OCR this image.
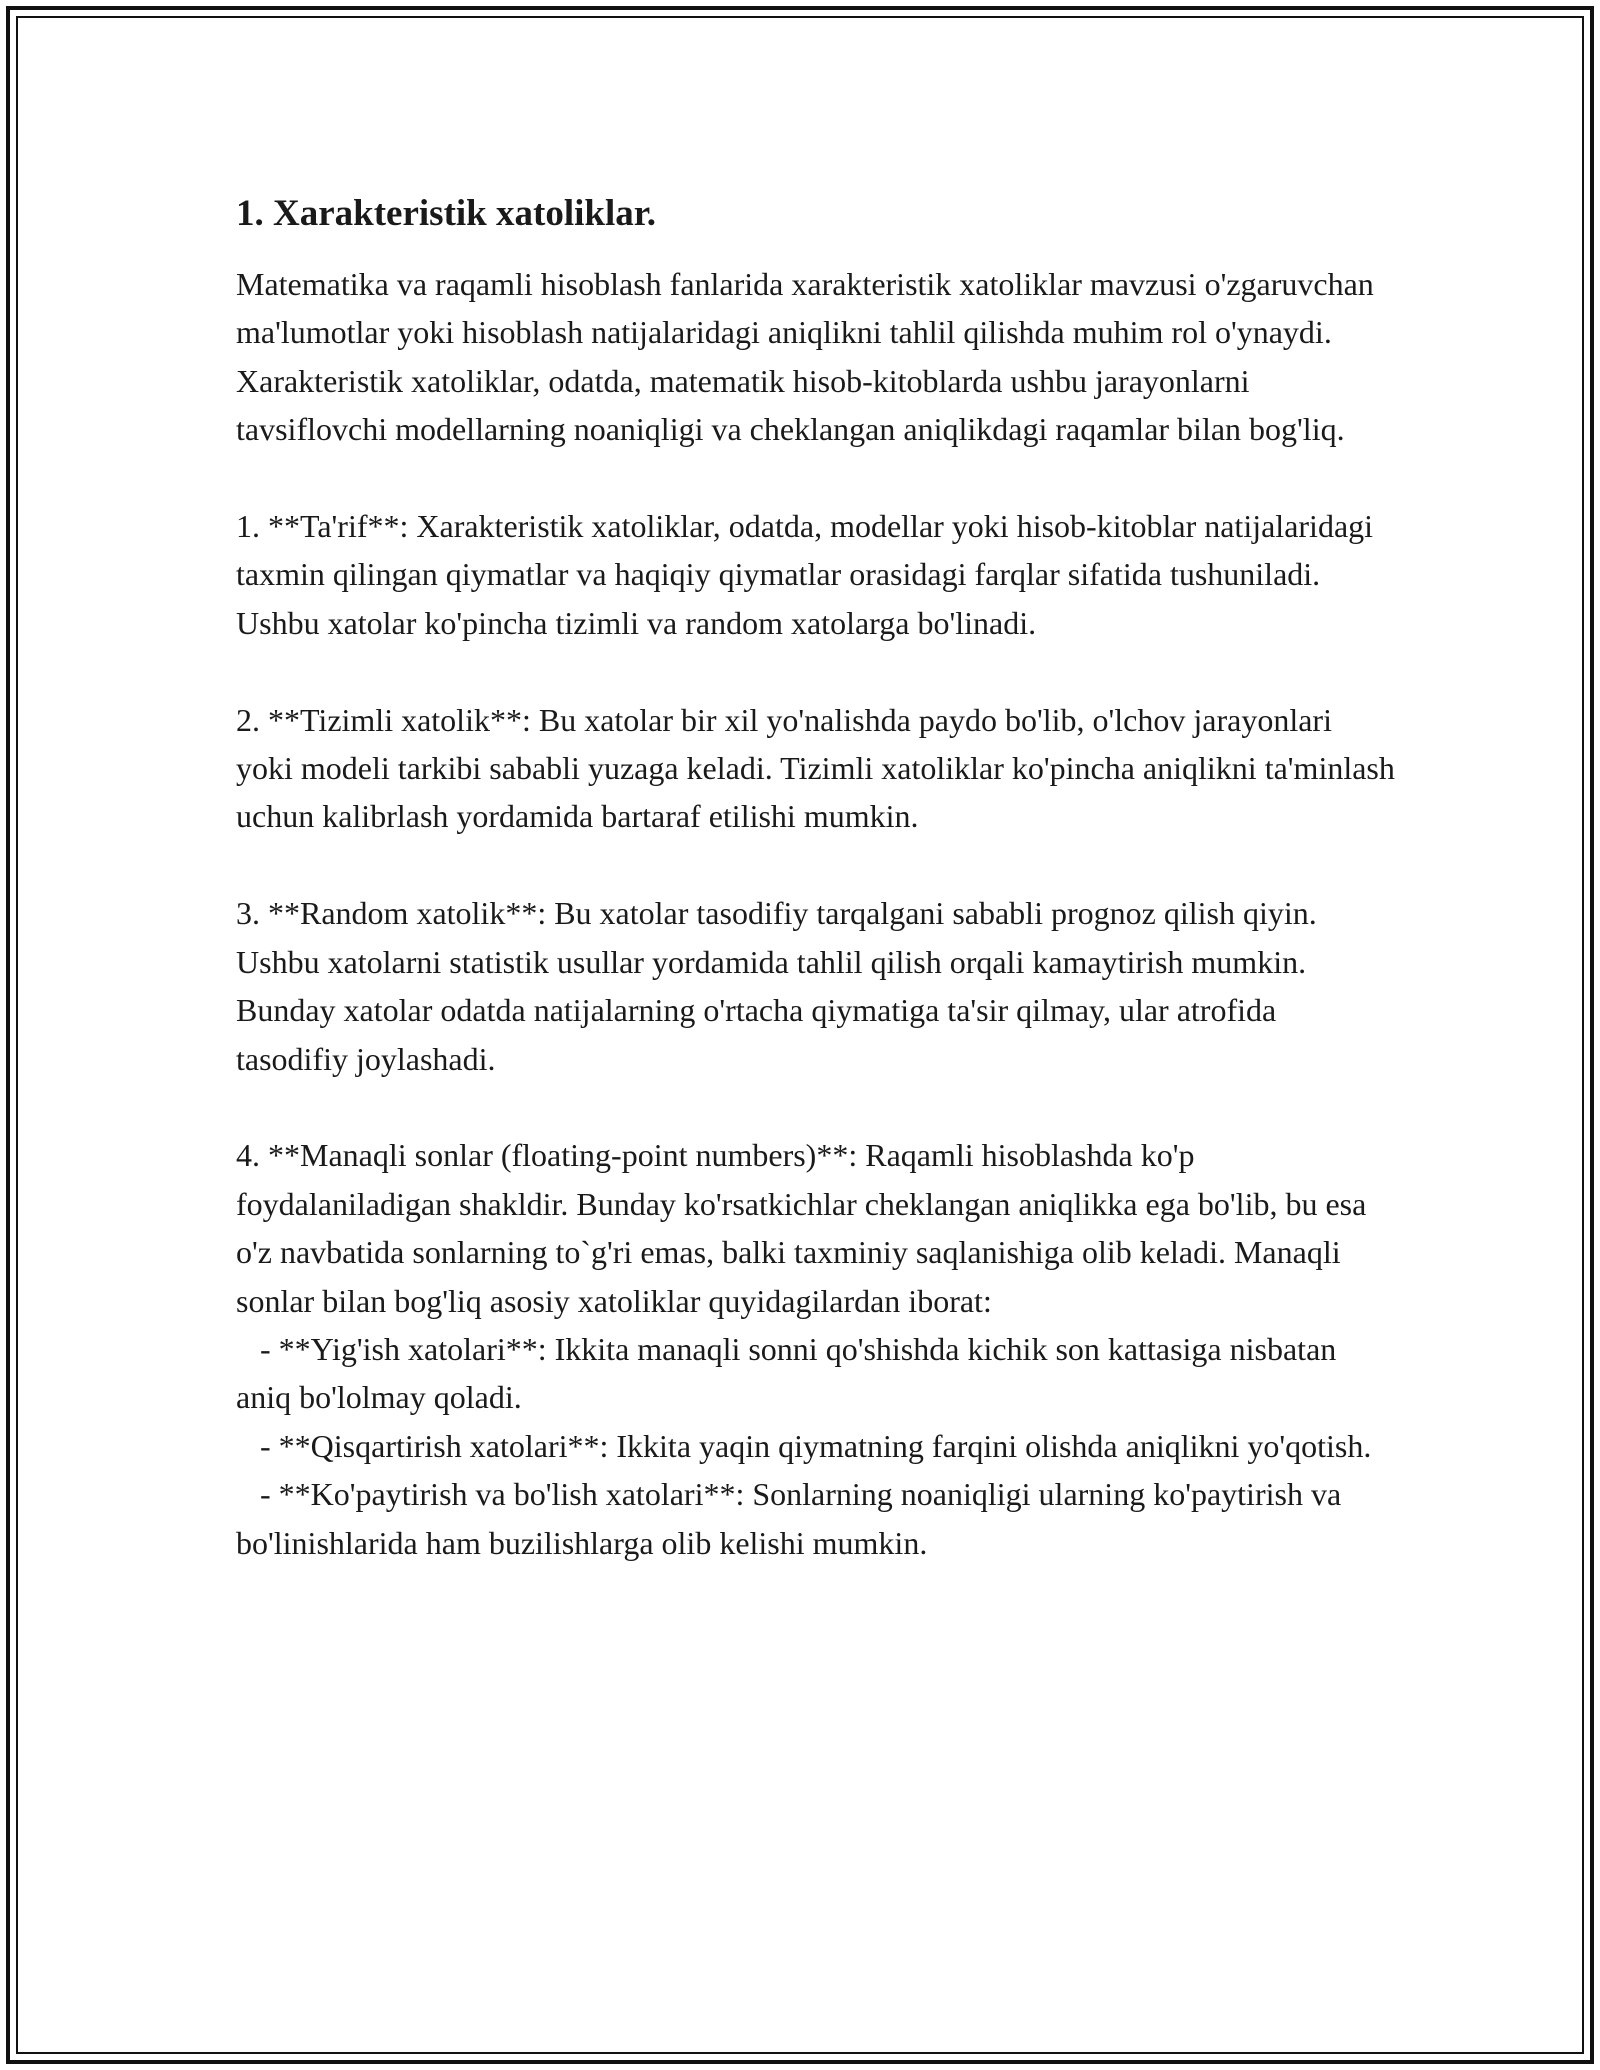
1. Xarakteristik xatoliklar.

Matematika va raqamli hisoblash fanlarida xarakteristik xatoliklar mavzusi o'zgaruvchan ma'lumotlar yoki hisoblash natijalaridagi aniqlikni tahlil qilishda muhim rol o'ynaydi. Xarakteristik xatoliklar, odatda, matematik hisob-kitoblarda ushbu jarayonlarni tavsiflovchi modellarning noaniqligi va cheklangan aniqlikdagi raqamlar bilan bog'liq.

1. **Ta'rif**: Xarakteristik xatoliklar, odatda, modellar yoki hisob-kitoblar natijalaridagi taxmin qilingan qiymatlar va haqiqiy qiymatlar orasidagi farqlar sifatida tushuniladi. Ushbu xatolar ko'pincha tizimli va random xatolarga bo'linadi.

2. **Tizimli xatolik**: Bu xatolar bir xil yo'nalishda paydo bo'lib, o'lchov jarayonlari yoki modeli tarkibi sababli yuzaga keladi. Tizimli xatoliklar ko'pincha aniqlikni ta'minlash uchun kalibrlash yordamida bartaraf etilishi mumkin.

3. **Random xatolik**: Bu xatolar tasodifiy tarqalgani sababli prognoz qilish qiyin. Ushbu xatolarni statistik usullar yordamida tahlil qilish orqali kamaytirish mumkin. Bunday xatolar odatda natijalarning o'rtacha qiymatiga ta'sir qilmay, ular atrofida tasodifiy joylashadi.

4. **Manaqli sonlar (floating-point numbers)**: Raqamli hisoblashda ko'p foydalaniladigan shakldir. Bunday ko'rsatkichlar cheklangan aniqlikka ega bo'lib, bu esa o'z navbatida sonlarning to`g'ri emas, balki taxminiy saqlanishiga olib keladi. Manaqli sonlar bilan bog'liq asosiy xatoliklar quyidagilardan iborat:
- **Yig'ish xatolari**: Ikkita manaqli sonni qo'shishda kichik son kattasiga nisbatan aniq bo'lolmay qoladi.
- **Qisqartirish xatolari**: Ikkita yaqin qiymatning farqini olishda aniqlikni yo'qotish.
- **Ko'paytirish va bo'lish xatolari**: Sonlarning noaniqligi ularning ko'paytirish va bo'linishlarida ham buzilishlarga olib kelishi mumkin.
